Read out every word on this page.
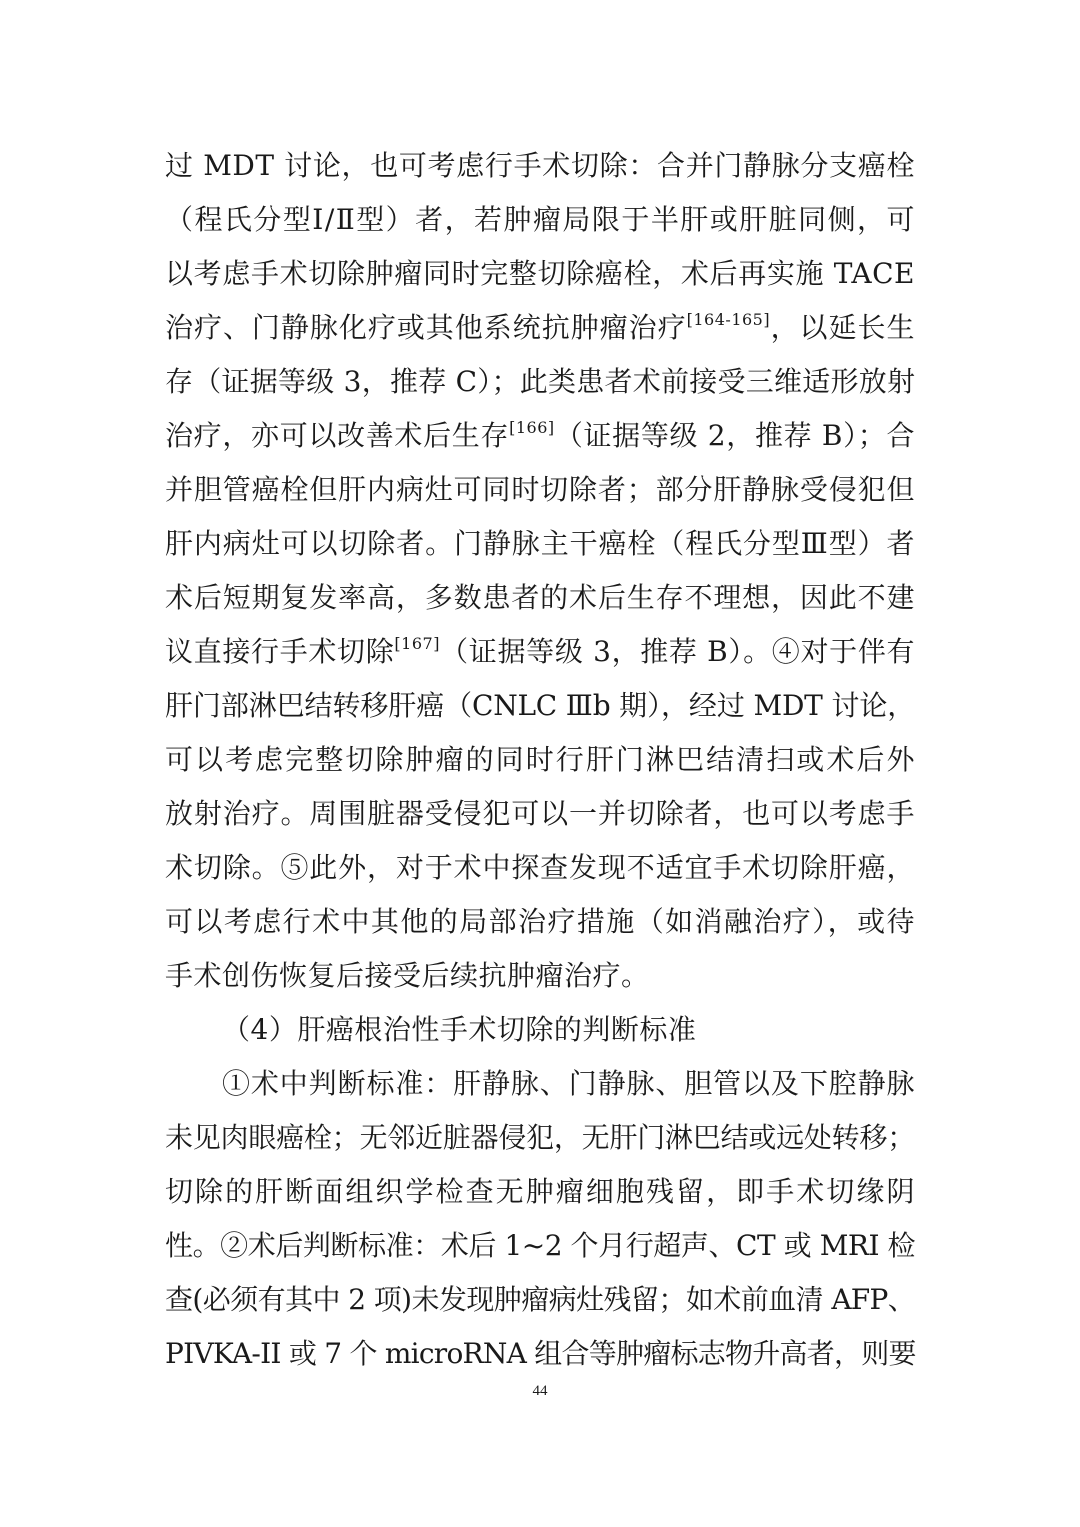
过 MDT 讨论，也可考虑行手术切除：合并门静脉分支癌栓
（程氏分型Ⅰ/Ⅱ型）者，若肿瘤局限于半肝或肝脏同侧，可
以考虑手术切除肿瘤同时完整切除癌栓，术后再实施 TACE
治疗、门静脉化疗或其他系统抗肿瘤治疗[164-165]，以延长生
存（证据等级 3，推荐 C）；此类患者术前接受三维适形放射
治疗，亦可以改善术后生存[166]（证据等级 2，推荐 B）；合
并胆管癌栓但肝内病灶可同时切除者；部分肝静脉受侵犯但
肝内病灶可以切除者。门静脉主干癌栓（程氏分型Ⅲ型）者
术后短期复发率高，多数患者的术后生存不理想，因此不建
议直接行手术切除[167]（证据等级 3，推荐 B）。④对于伴有
肝门部淋巴结转移肝癌（CNLC Ⅲb 期），经过 MDT 讨论，
可以考虑完整切除肿瘤的同时行肝门淋巴结清扫或术后外
放射治疗。周围脏器受侵犯可以一并切除者，也可以考虑手
术切除。⑤此外，对于术中探查发现不适宜手术切除肝癌，
可以考虑行术中其他的局部治疗措施（如消融治疗），或待
手术创伤恢复后接受后续抗肿瘤治疗。
（4）肝癌根治性手术切除的判断标准
①术中判断标准：肝静脉、门静脉、胆管以及下腔静脉
未见肉眼癌栓；无邻近脏器侵犯，无肝门淋巴结或远处转移；
切除的肝断面组织学检查无肿瘤细胞残留，即手术切缘阴
性。②术后判断标准：术后 1~2 个月行超声、CT 或 MRI 检
查(必须有其中 2 项)未发现肿瘤病灶残留；如术前血清 AFP、
PIVKA-II 或 7 个 microRNA 组合等肿瘤标志物升高者，则要
44
